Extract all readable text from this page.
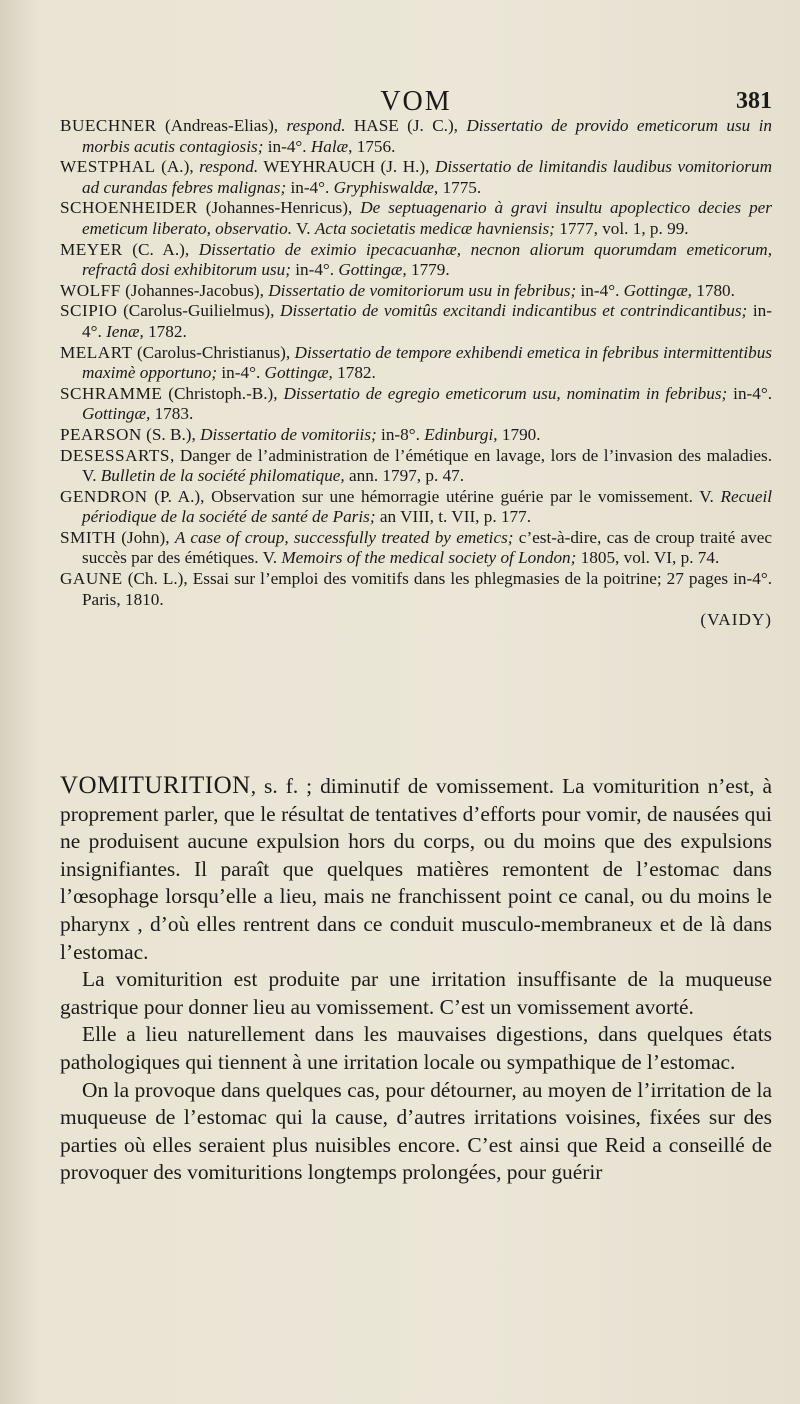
VOM	381

BUECHNER (Andreas-Elias), respond. HASE (J. C.), Dissertatio de provido emeticorum usu in morbis acutis contagiosis; in-4°. Halæ, 1756.

WESTPHAL (A.), respond. WEYHRAUCH (J. H.), Dissertatio de limitandis laudibus vomitoriorum ad curandas febres malignas; in-4°. Gryphiswaldæ, 1775.

SCHOENHEIDER (Johannes-Henricus), De septuagenario à gravi insultu apoplectico decies per emeticum liberato, observatio. V. Acta societatis medicæ havniensis; 1777, vol. 1, p. 99.

MEYER (C. A.), Dissertatio de eximio ipecacuanhæ, necnon aliorum quorumdam emeticorum, refractâ dosi exhibitorum usu; in-4°. Gottingæ, 1779.

WOLFF (Johannes-Jacobus), Dissertatio de vomitoriorum usu in febribus; in-4°. Gottingæ, 1780.

SCIPIO (Carolus-Guilielmus), Dissertatio de vomitûs excitandi indicantibus et contrindicantibus; in-4°. Ienæ, 1782.

MELART (Carolus-Christianus), Dissertatio de tempore exhibendi emetica in febribus intermittentibus maximè opportuno; in-4°. Gottingæ, 1782.

SCHRAMME (Christoph.-B.), Dissertatio de egregio emeticorum usu, nominatim in febribus; in-4°. Gottingæ, 1783.

PEARSON (S. B.), Dissertatio de vomitoriis; in-8°. Edinburgi, 1790.

DESESSARTS, Danger de l’administration de l’émétique en lavage, lors de l’invasion des maladies. V. Bulletin de la société philomatique, ann. 1797, p. 47.

GENDRON (P. A.), Observation sur une hémorragie utérine guérie par le vomissement. V. Recueil périodique de la société de santé de Paris; an VIII, t. VII, p. 177.

SMITH (John), A case of croup, successfully treated by emetics; c’est-à-dire, cas de croup traité avec succès par des émétiques. V. Memoirs of the medical society of London; 1805, vol. VI, p. 74.

GAUNE (Ch. L.), Essai sur l’emploi des vomitifs dans les phlegmasies de la poitrine; 27 pages in-4°. Paris, 1810.

(VAIDY)

VOMITURITION, s. f. ; diminutif de vomissement. La vomiturition n’est, à proprement parler, que le résultat de tentatives d’efforts pour vomir, de nausées qui ne produisent aucune expulsion hors du corps, ou du moins que des expulsions insignifiantes. Il paraît que quelques matières remontent de l’estomac dans l’œsophage lorsqu’elle a lieu, mais ne franchissent point ce canal, ou du moins le pharynx , d’où elles rentrent dans ce conduit musculo-membraneux et de là dans l’estomac.

La vomiturition est produite par une irritation insuffisante de la muqueuse gastrique pour donner lieu au vomissement. C’est un vomissement avorté.

Elle a lieu naturellement dans les mauvaises digestions, dans quelques états pathologiques qui tiennent à une irritation locale ou sympathique de l’estomac.

On la provoque dans quelques cas, pour détourner, au moyen de l’irritation de la muqueuse de l’estomac qui la cause, d’autres irritations voisines, fixées sur des parties où elles seraient plus nuisibles encore. C’est ainsi que Reid a conseillé de provoquer des vomituritions longtemps prolongées, pour guérir
